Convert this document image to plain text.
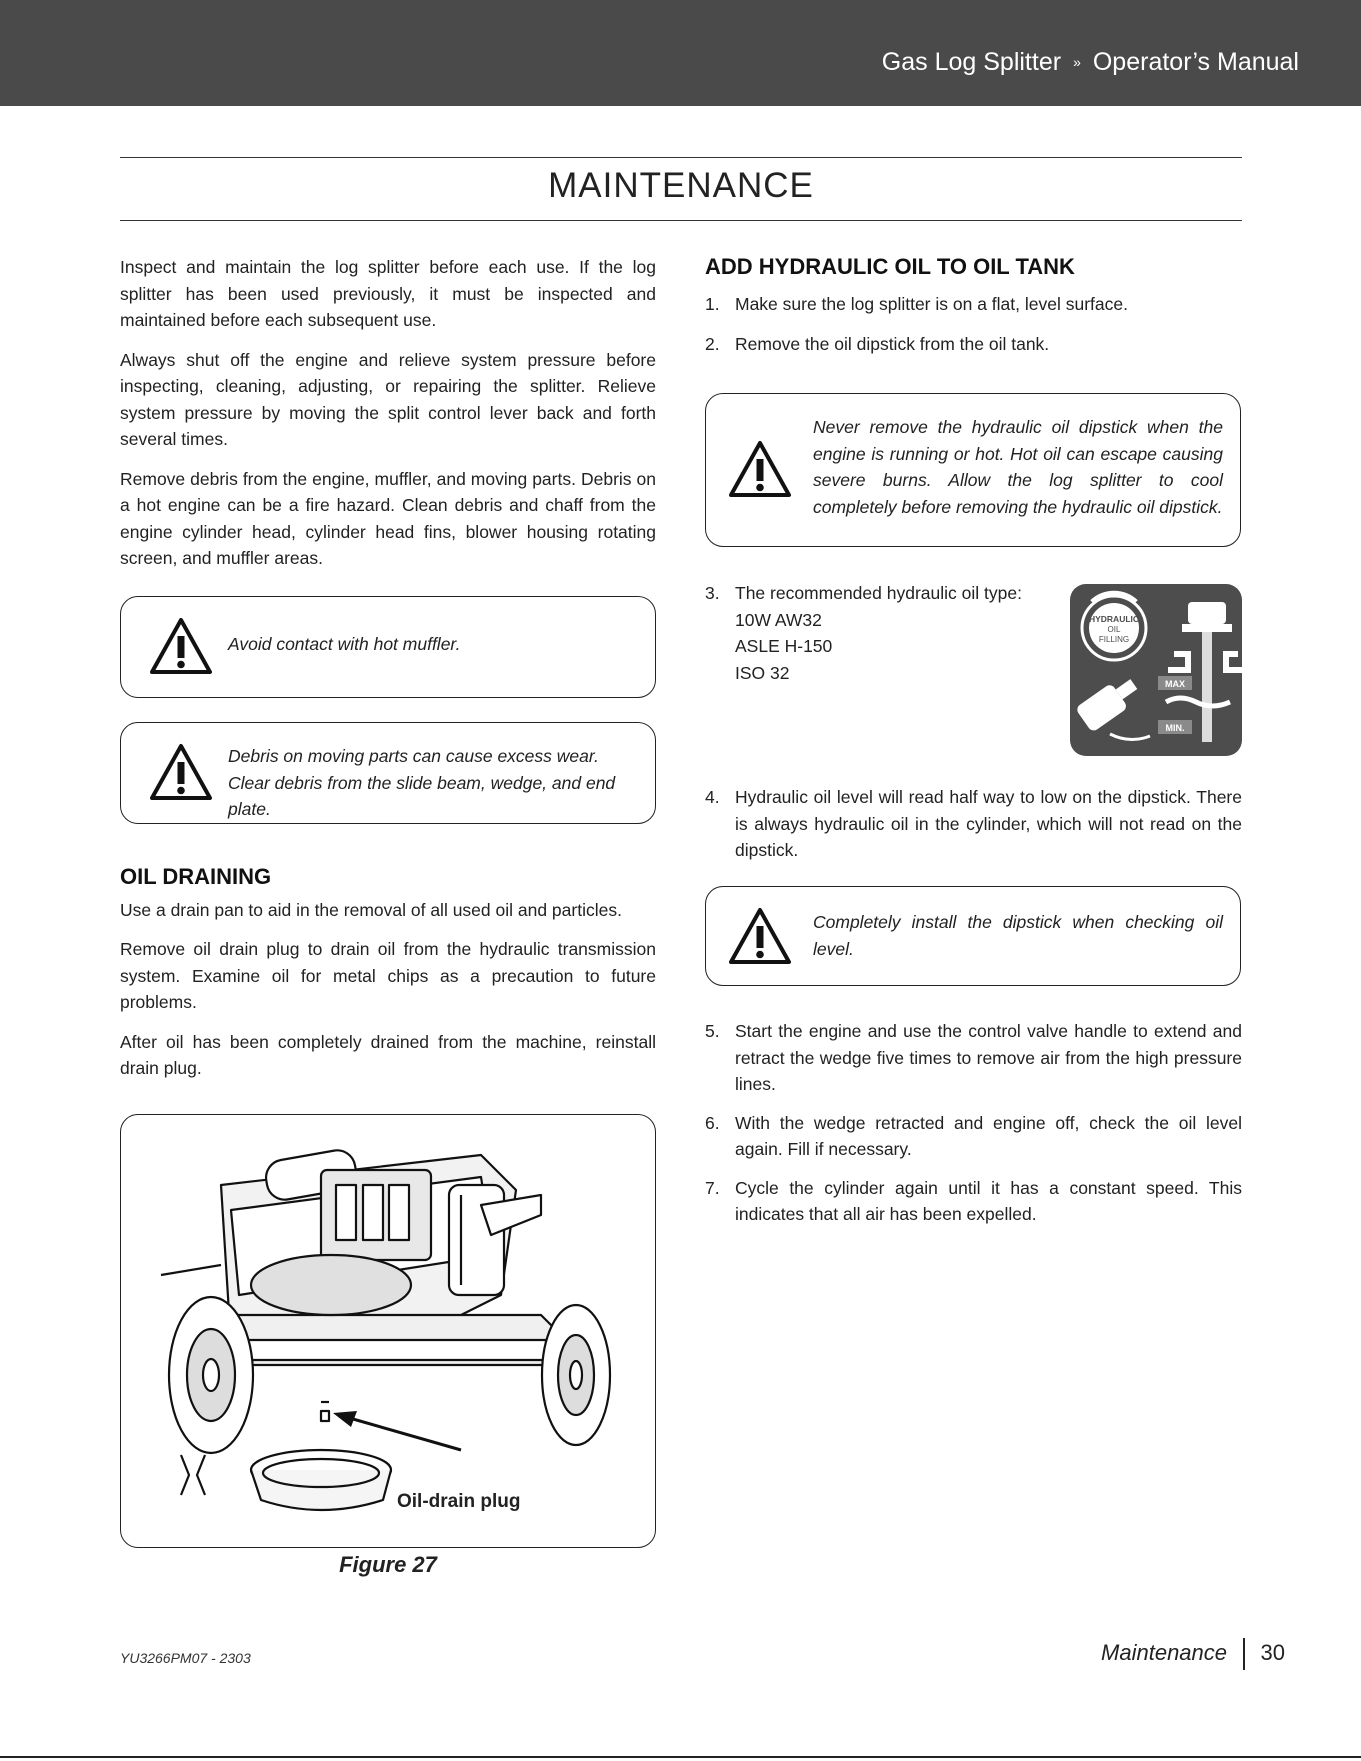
Gas Log Splitter » Operator’s Manual
MAINTENANCE

Inspect and maintain the log splitter before each use. If the log splitter has been used previously, it must be inspected and maintained before each subsequent use.

Always shut off the engine and relieve system pressure before inspecting, cleaning, adjusting, or repairing the splitter. Relieve system pressure by moving the split control lever back and forth several times.

Remove debris from the engine, muffler, and moving parts. Debris on a hot engine can be a fire hazard. Clean debris and chaff from the engine cylinder head, cylinder head fins, blower housing rotating screen, and muffler areas.

Avoid contact with hot muffler.
Debris on moving parts can cause excess wear. Clear debris from the slide beam, wedge, and end plate.
OIL DRAINING

Use a drain pan to aid in the removal of all used oil and particles.

Remove oil drain plug to drain oil from the hydraulic transmission system. Examine oil for metal chips as a precaution to future problems.

After oil has been completely drained from the machine, reinstall drain plug.

Oil-drain plug
Figure 27
ADD HYDRAULIC OIL TO OIL TANK
1. Make sure the log splitter is on a flat, level surface.
2. Remove the oil dipstick from the oil tank.
Never remove the hydraulic oil dipstick when the engine is running or hot. Hot oil can escape causing severe burns. Allow the log splitter to cool completely before removing the hydraulic oil dipstick.
3. The recommended hydraulic oil type:
10W AW32
ASLE H-150
ISO 32
HYDRAULIC
OIL
FILLING
MAX
MIN.
4. Hydraulic oil level will read half way to low on the dipstick. There is always hydraulic oil in the cylinder, which will not read on the dipstick.
Completely install the dipstick when checking oil level.
5. Start the engine and use the control valve handle to extend and retract the wedge five times to remove air from the high pressure lines.
6. With the wedge retracted and engine off, check the oil level again. Fill if necessary.
7. Cycle the cylinder again until it has a constant speed. This indicates that all air has been expelled.
YU3266PM07 - 2303	Maintenance 30
